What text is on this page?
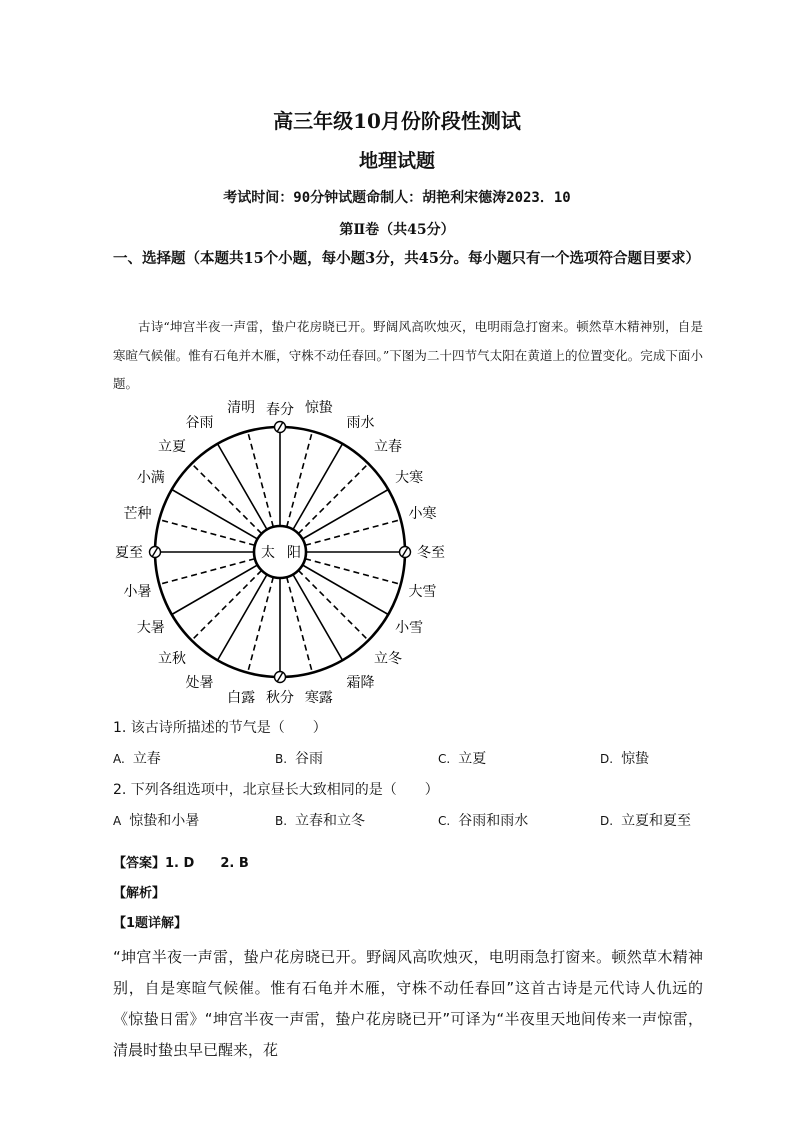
高三年级10月份阶段性测试
地理试题
考试时间：90分钟试题命制人：胡艳利宋德涛2023．10
第Ⅱ卷（共45分）
一、选择题（本题共15个小题，每小题3分，共45分。每小题只有一个选项符合题目要求）
古诗“坤宫半夜一声雷，蛰户花房晓已开。野阔风高吹烛灭，电明雨急打窗来。顿然草木精神别，自是寒暄气候催。惟有石龟并木雁，守株不动任春回。”下图为二十四节气太阳在黄道上的位置变化。完成下面小题。
太 阳
春分 惊蛰
雨水
立春
大寒
小寒
冬至
大雪
小雪
立冬
霜降
寒露
秋分
白露
处暑
立秋
大暑
小暑
夏至
芒种
小满
立夏
谷雨
清明
1. 该古诗所描述的节气是（　　）
A. 立春	B. 谷雨	C. 立夏	D. 惊蛰
2. 下列各组选项中，北京昼长大致相同的是（　　）
A 惊蛰和小暑	B. 立春和立冬	C. 谷雨和雨水	D. 立夏和夏至
【答案】1. D 2. B
【解析】
【1题详解】
“坤宫半夜一声雷，蛰户花房晓已开。野阔风高吹烛灭，电明雨急打窗来。顿然草木精神别，自是寒暄气候催。惟有石龟并木雁，守株不动任春回”这首古诗是元代诗人仇远的《惊蛰日雷》“坤宫半夜一声雷，蛰户花房晓已开”可译为“半夜里天地间传来一声惊雷，清晨时蛰虫早已醒来，花
